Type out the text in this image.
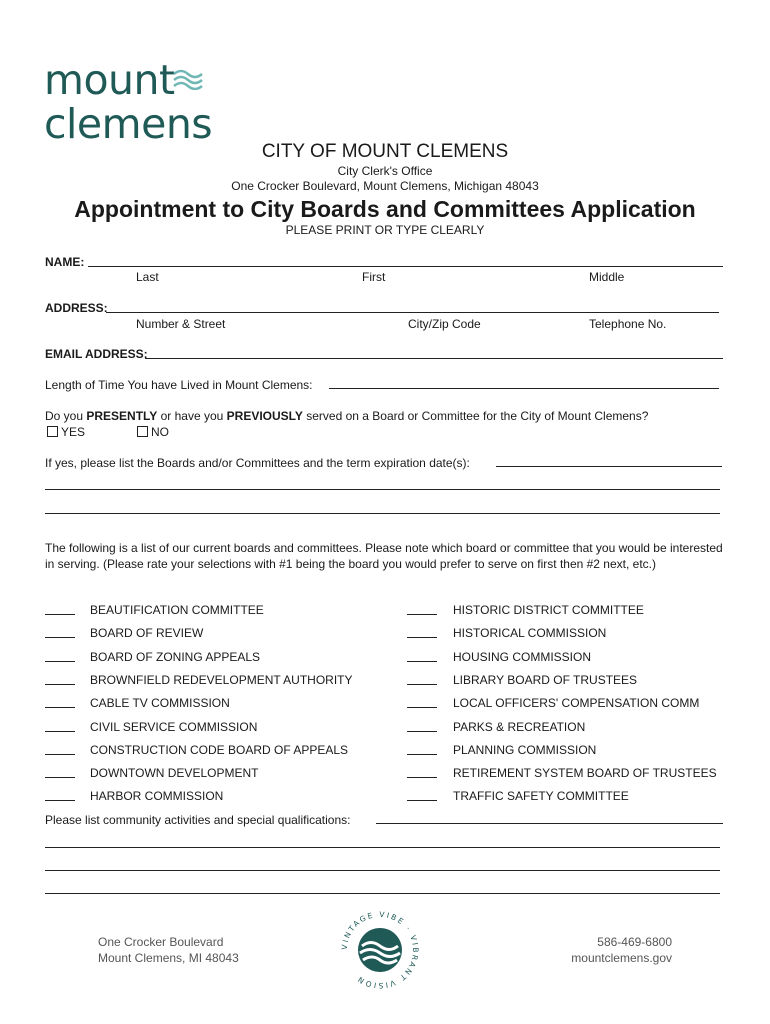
mount
clemens
CITY OF MOUNT CLEMENS
City Clerk's Office
One Crocker Boulevard, Mount Clemens, Michigan 48043
Appointment to City Boards and Committees Application
PLEASE PRINT OR TYPE CLEARLY
NAME:
Last	First	Middle
ADDRESS:
Number & Street	City/Zip Code	Telephone No.
EMAIL ADDRESS:
Length of Time You have Lived in Mount Clemens:
Do you PRESENTLY or have you PREVIOUSLY served on a Board or Committee for the City of Mount Clemens?
YES	NO
If yes, please list the Boards and/or Committees and the term expiration date(s):
The following is a list of our current boards and committees. Please note which board or committee that you would be interested in serving. (Please rate your selections with #1 being the board you would prefer to serve on first then #2 next, etc.)
BEAUTIFICATION COMMITTEE	HISTORIC DISTRICT COMMITTEE
BOARD OF REVIEW	HISTORICAL COMMISSION
BOARD OF ZONING APPEALS	HOUSING COMMISSION
BROWNFIELD REDEVELOPMENT AUTHORITY	LIBRARY BOARD OF TRUSTEES
CABLE TV COMMISSION	LOCAL OFFICERS' COMPENSATION COMM
CIVIL SERVICE COMMISSION	PARKS & RECREATION
CONSTRUCTION CODE BOARD OF APPEALS	PLANNING COMMISSION
DOWNTOWN DEVELOPMENT	RETIREMENT SYSTEM BOARD OF TRUSTEES
HARBOR COMMISSION	TRAFFIC SAFETY COMMITTEE
Please list community activities and special qualifications:
One Crocker Boulevard
Mount Clemens, MI 48043
VINTAGE VIBE · VIBRANT VISION
586-469-6800
mountclemens.gov
